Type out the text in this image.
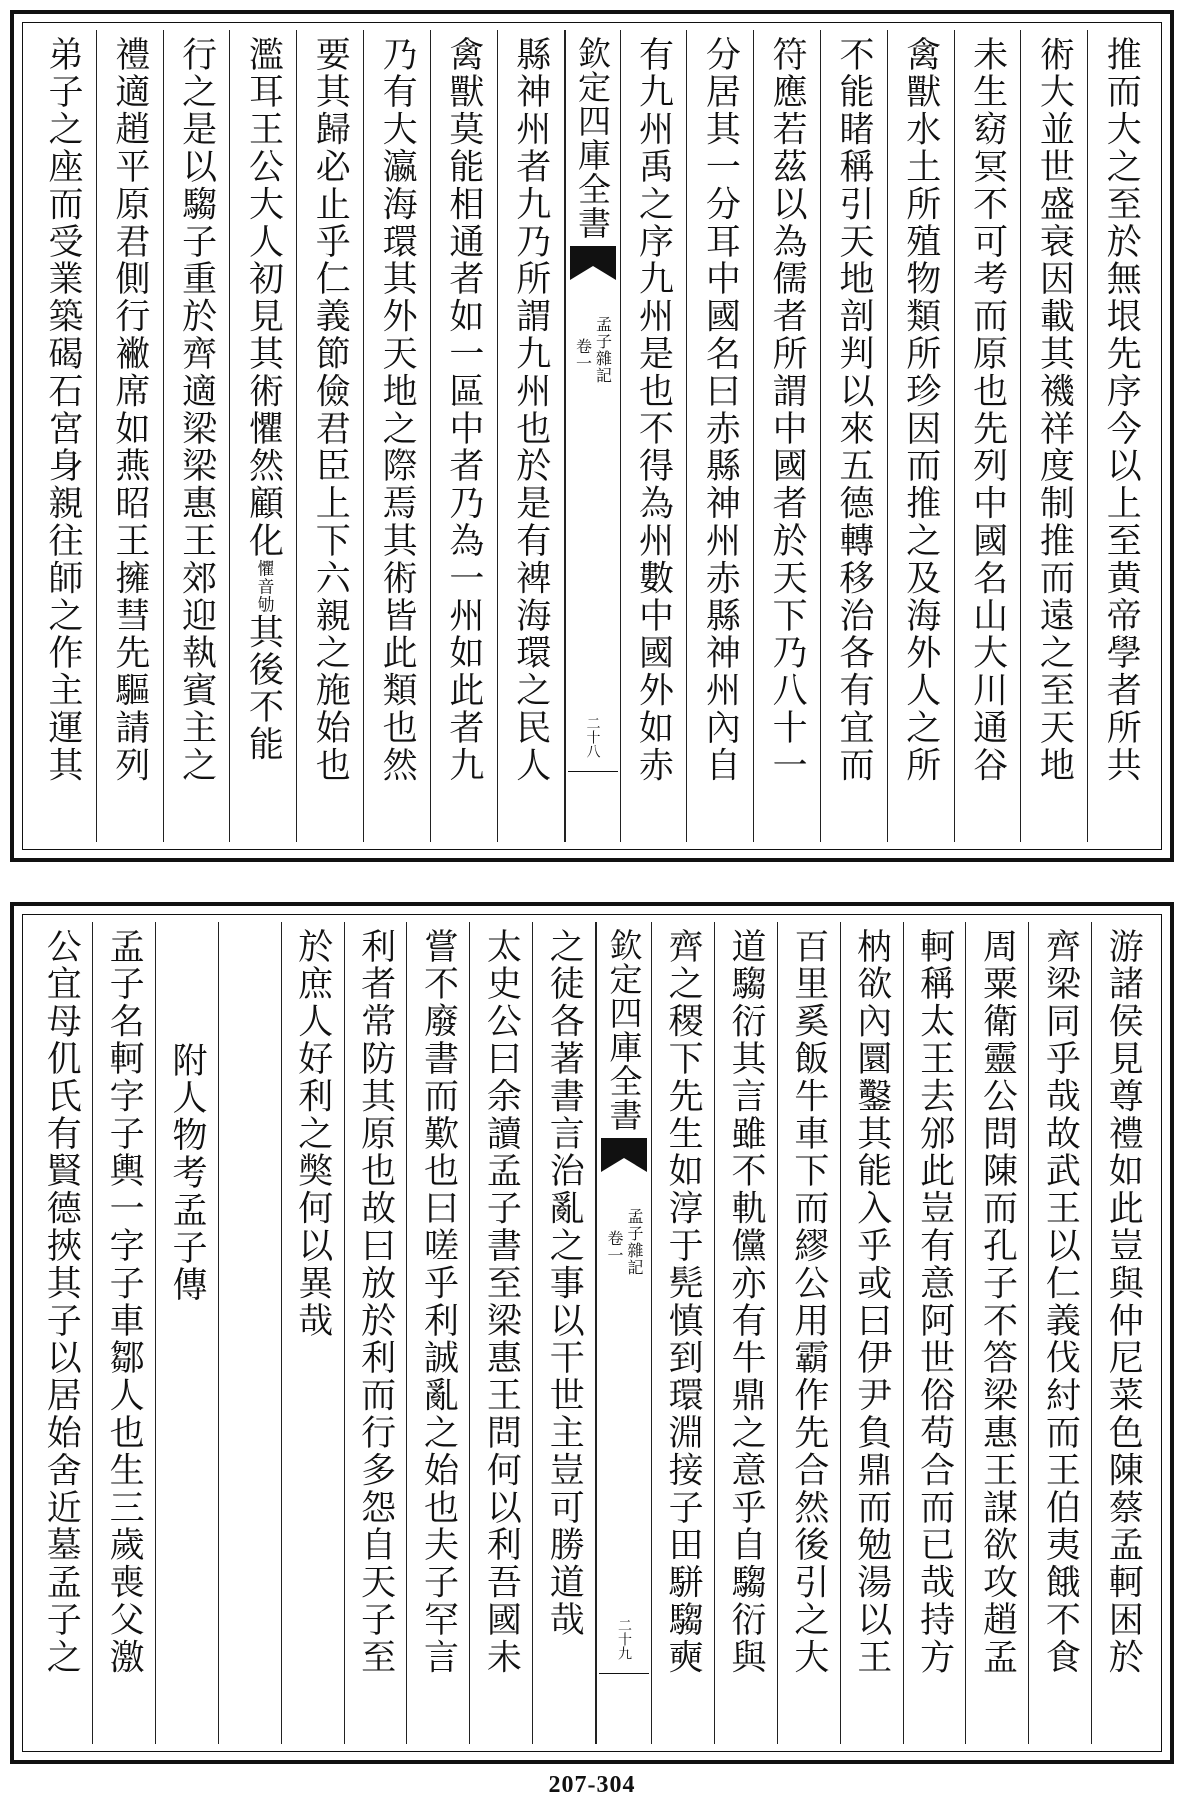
推而大之至於無垠先序今以上至黄帝學者所共
術大並世盛衰因載其禨祥度制推而遠之至天地
未生窈冥不可考而原也先列中國名山大川通谷
禽獸水土所殖物類所珍因而推之及海外人之所
不能睹稱引天地剖判以來五德轉移治各有宜而
符應若茲以為儒者所謂中國者於天下乃八十一
分居其一分耳中國名曰赤縣神州赤縣神州內自
有九州禹之序九州是也不得為州數中國外如赤
欽定四庫全書
孟子雜記
卷一
二十八
縣神州者九乃所謂九州也於是有裨海環之民人
禽獸莫能相通者如一區中者乃為一州如此者九
乃有大瀛海環其外天地之際焉其術皆此類也然
要其歸必止乎仁義節儉君臣上下六親之施始也
濫耳王公大人初見其術懼然顧化懼音劬其後不能
行之是以騶子重於齊適梁梁惠王郊迎執賓主之
禮適趙平原君側行襒席如燕昭王擁彗先驅請列
弟子之座而受業築碣石宮身親往師之作主運其
游諸侯見尊禮如此豈與仲尼菜色陳蔡孟軻困於
齊梁同乎哉故武王以仁義伐紂而王伯夷餓不食
周粟衛靈公問陳而孔子不答梁惠王謀欲攻趙孟
軻稱太王去邠此豈有意阿世俗苟合而已哉持方
枘欲內圜鑿其能入乎或曰伊尹負鼎而勉湯以王
百里奚飯牛車下而繆公用霸作先合然後引之大
道騶衍其言雖不軌儻亦有牛鼎之意乎自騶衍與
齊之稷下先生如淳于髡慎到環淵接子田駢騶奭
欽定四庫全書
孟子雜記
卷一
二十九
之徒各著書言治亂之事以干世主豈可勝道哉
太史公曰余讀孟子書至梁惠王問何以利吾國未
嘗不廢書而歎也曰嗟乎利誠亂之始也夫子罕言
利者常防其原也故曰放於利而行多怨自天子至
於庶人好利之獘何以異哉
附人物考孟子傳
孟子名軻字子輿一字子車鄒人也生三歲喪父激
公宜母仉氏有賢德挾其子以居始舍近墓孟子之
207-304
